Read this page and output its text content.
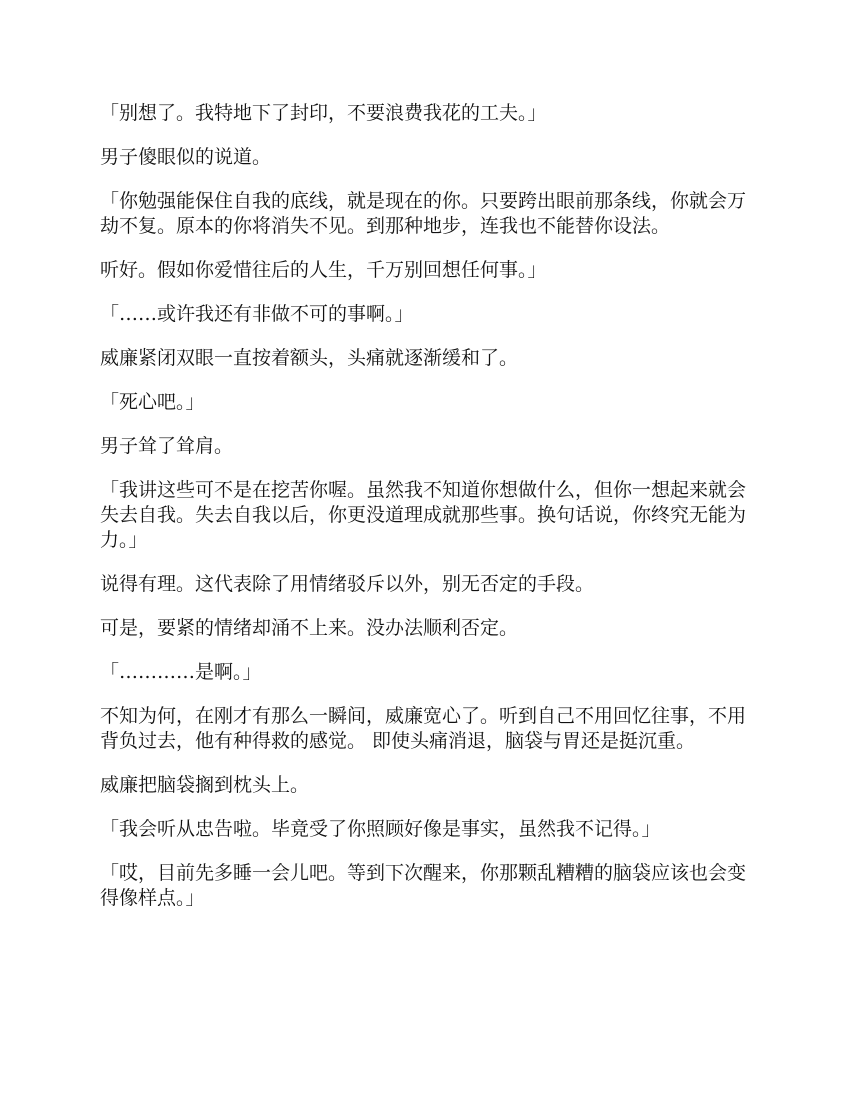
「别想了。我特地下了封印，不要浪费我花的工夫。」

男子傻眼似的说道。

「你勉强能保住自我的底线，就是现在的你。只要跨出眼前那条线，你就会万劫不复。原本的你将消失不见。到那种地步，连我也不能替你设法。

听好。假如你爱惜往后的人生，千万别回想任何事。」

「……或许我还有非做不可的事啊。」

威廉紧闭双眼一直按着额头，头痛就逐渐缓和了。

「死心吧。」

男子耸了耸肩。

「我讲这些可不是在挖苦你喔。虽然我不知道你想做什么，但你一想起来就会失去自我。失去自我以后，你更没道理成就那些事。换句话说，你终究无能为力。」

说得有理。这代表除了用情绪驳斥以外，别无否定的手段。

可是，要紧的情绪却涌不上来。没办法顺利否定。

「…………是啊。」

不知为何，在刚才有那么一瞬间，威廉宽心了。听到自己不用回忆往事，不用背负过去，他有种得救的感觉。 即使头痛消退，脑袋与胃还是挺沉重。

威廉把脑袋搁到枕头上。

「我会听从忠告啦。毕竟受了你照顾好像是事实，虽然我不记得。」

「哎，目前先多睡一会儿吧。等到下次醒来，你那颗乱糟糟的脑袋应该也会变得像样点。」
